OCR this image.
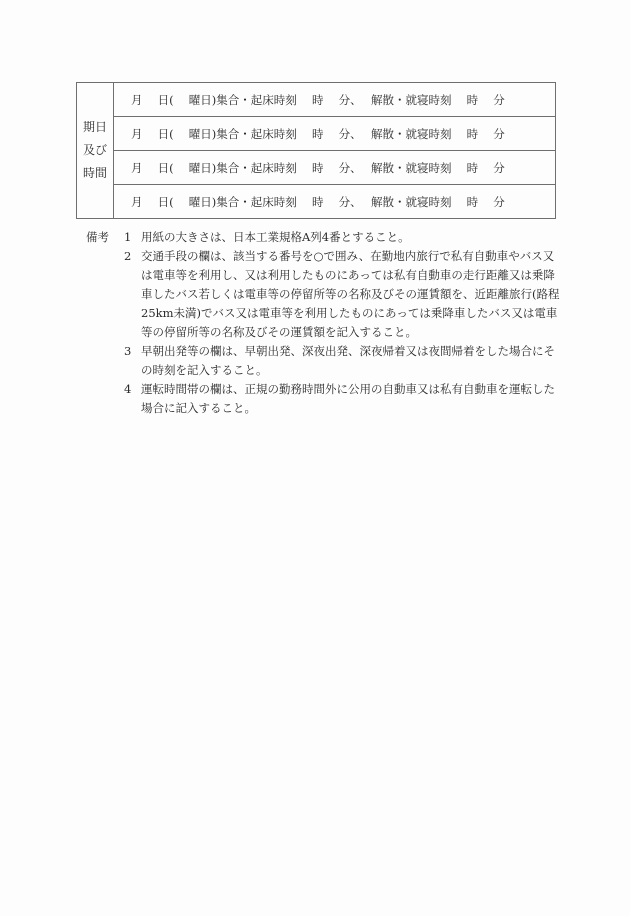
期日
及び
時間
月　 日(　 曜日)集合・起床時刻　 時　 分、　 解散・就寝時刻　 時　 分
月　 日(　 曜日)集合・起床時刻　 時　 分、　 解散・就寝時刻　 時　 分
月　 日(　 曜日)集合・起床時刻　 時　 分、　 解散・就寝時刻　 時　 分
月　 日(　 曜日)集合・起床時刻　 時　 分、　 解散・就寝時刻　 時　 分
備考 1 用紙の大きさは、日本工業規格A列4番とすること。
2 交通手段の欄は、該当する番号を○で囲み、在勤地内旅行で私有自動車やバス又は電車等を利用し、又は利用したものにあっては私有自動車の走行距離又は乗降車したバス若しくは電車等の停留所等の名称及びその運賃額を、近距離旅行(路程25km未満)でバス又は電車等を利用したものにあっては乗降車したバス又は電車等の停留所等の名称及びその運賃額を記入すること。
3 早朝出発等の欄は、早朝出発、深夜出発、深夜帰着又は夜間帰着をした場合にその時刻を記入すること。
4 運転時間帯の欄は、正規の勤務時間外に公用の自動車又は私有自動車を運転した場合に記入すること。
